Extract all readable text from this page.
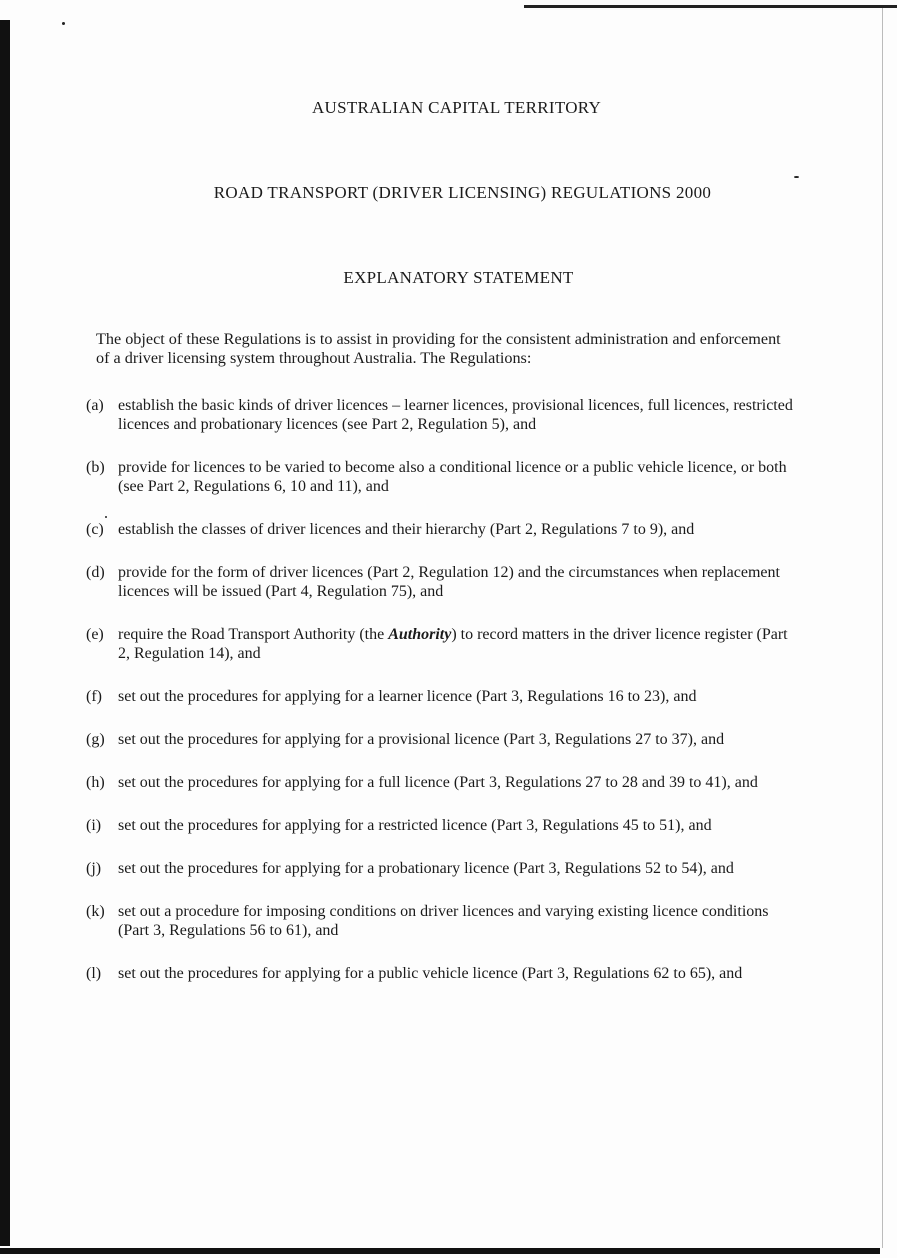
AUSTRALIAN CAPITAL TERRITORY
ROAD TRANSPORT (DRIVER LICENSING) REGULATIONS 2000
EXPLANATORY STATEMENT
The object of these Regulations is to assist in providing for the consistent administration and enforcement of a driver licensing system throughout Australia. The Regulations:
(a) establish the basic kinds of driver licences – learner licences, provisional licences, full licences, restricted licences and probationary licences (see Part 2, Regulation 5), and
(b) provide for licences to be varied to become also a conditional licence or a public vehicle licence, or both (see Part 2, Regulations 6, 10 and 11), and
(c) establish the classes of driver licences and their hierarchy (Part 2, Regulations 7 to 9), and
(d) provide for the form of driver licences (Part 2, Regulation 12) and the circumstances when replacement licences will be issued (Part 4, Regulation 75), and
(e) require the Road Transport Authority (the Authority) to record matters in the driver licence register (Part 2, Regulation 14), and
(f)	set out the procedures for applying for a learner licence (Part 3, Regulations 16 to 23), and
(g) set out the procedures for applying for a provisional licence (Part 3, Regulations 27 to 37), and
(h) set out the procedures for applying for a full licence (Part 3, Regulations 27 to 28 and 39 to 41), and
(i)	set out the procedures for applying for a restricted licence (Part 3, Regulations 45 to 51), and
(j)	set out the procedures for applying for a probationary licence (Part 3, Regulations 52 to 54), and
(k) set out a procedure for imposing conditions on driver licences and varying existing licence conditions (Part 3, Regulations 56 to 61), and
(l)	set out the procedures for applying for a public vehicle licence (Part 3, Regulations 62 to 65), and
